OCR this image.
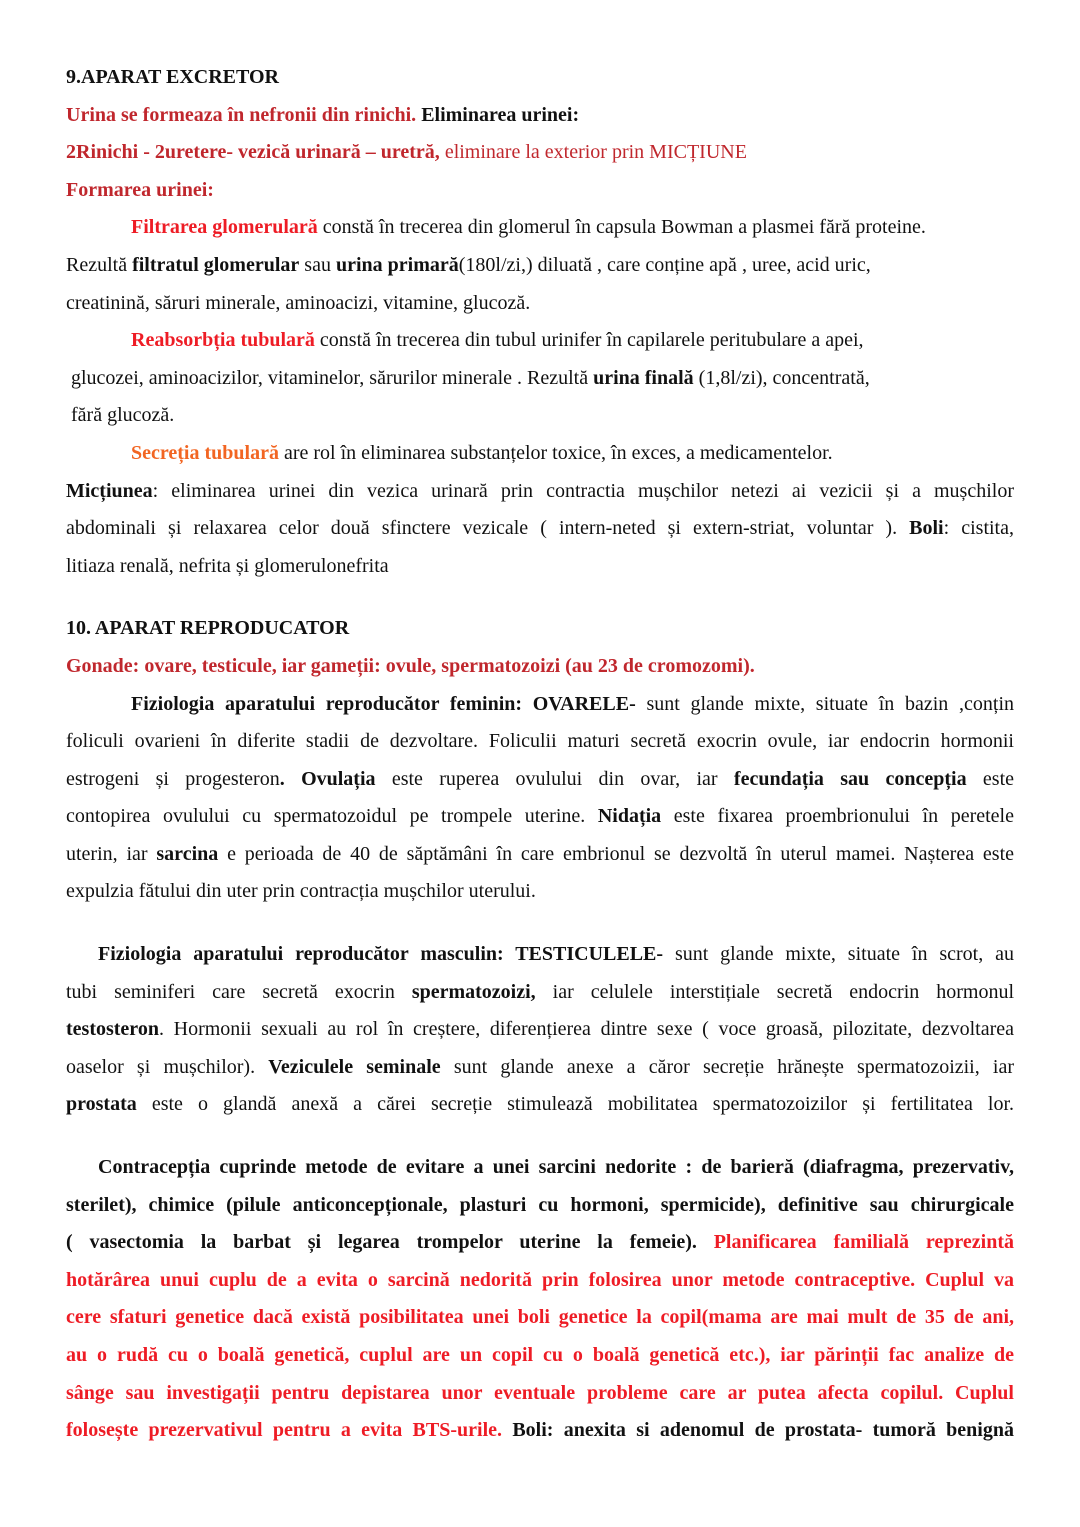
9.APARAT EXCRETOR
Urina se formeaza în nefronii din rinichi. Eliminarea urinei:
2Rinichi - 2uretere- vezică urinară – uretră, eliminare la exterior prin MICȚIUNE
Formarea urinei:
Filtrarea glomerulară constă în trecerea din glomerul în capsula Bowman a plasmei fără proteine.
Rezultă filtratul glomerular sau urina primară(180l/zi,) diluată , care conține apă , uree, acid uric,
creatinină, săruri minerale, aminoacizi, vitamine, glucoză.
Reabsorbția tubulară constă în trecerea din tubul urinifer în capilarele peritubulare a apei,
glucozei, aminoacizilor, vitaminelor, sărurilor minerale . Rezultă urina finală (1,8l/zi), concentrată,
fără glucoză.
Secreția tubulară are rol în eliminarea substanțelor toxice, în exces, a medicamentelor.
Micțiunea: eliminarea urinei din vezica urinară prin contractia mușchilor netezi ai vezicii și a mușchilor
abdominali și relaxarea celor două sfinctere vezicale ( intern-neted și extern-striat, voluntar ). Boli: cistita,
litiaza renală, nefrita și glomerulonefrita
10. APARAT REPRODUCATOR
Gonade: ovare, testicule, iar gameții: ovule, spermatozoizi (au 23 de cromozomi).
Fiziologia aparatului reproducător feminin: OVARELE- sunt glande mixte, situate în bazin ,conțin
foliculi ovarieni în diferite stadii de dezvoltare. Foliculii maturi secretă exocrin ovule, iar endocrin hormonii
estrogeni și progesteron. Ovulația este ruperea ovulului din ovar, iar fecundația sau concepția este
contopirea ovulului cu spermatozoidul pe trompele uterine. Nidația este fixarea proembrionului în peretele
uterin, iar sarcina e perioada de 40 de săptămâni în care embrionul se dezvoltă în uterul mamei. Nașterea este
expulzia fătului din uter prin contracția mușchilor uterului.
Fiziologia aparatului reproducător masculin: TESTICULELE- sunt glande mixte, situate în scrot, au
tubi seminiferi care secretă exocrin spermatozoizi, iar celulele interstițiale secretă endocrin hormonul
testosteron. Hormonii sexuali au rol în creștere, diferențierea dintre sexe ( voce groasă, pilozitate, dezvoltarea
oaselor și mușchilor). Veziculele seminale sunt glande anexe a căror secreție hrănește spermatozoizii, iar
prostata este o glandă anexă a cărei secreție stimulează mobilitatea spermatozoizilor și fertilitatea lor.
Contracepția cuprinde metode de evitare a unei sarcini nedorite : de barieră (diafragma, prezervativ,
sterilet), chimice (pilule anticoncepționale, plasturi cu hormoni, spermicide), definitive sau chirurgicale
( vasectomia la barbat și legarea trompelor uterine la femeie). Planificarea familială reprezintă
hotărârea unui cuplu de a evita o sarcină nedorită prin folosirea unor metode contraceptive. Cuplul va
cere sfaturi genetice dacă există posibilitatea unei boli genetice la copil(mama are mai mult de 35 de ani,
au o rudă cu o boală genetică, cuplul are un copil cu o boală genetică etc.), iar părinții fac analize de
sânge sau investigații pentru depistarea unor eventuale probleme care ar putea afecta copilul. Cuplul
folosește prezervativul pentru a evita BTS-urile. Boli: anexita si adenomul de prostata- tumoră benignă
